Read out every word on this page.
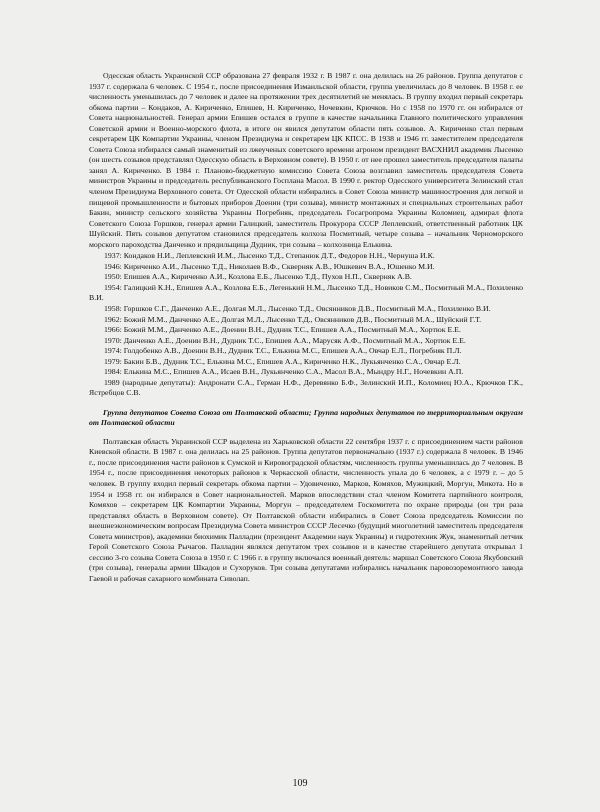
Одесская область Украинской ССР образована 27 февраля 1932 г. В 1987 г. она делилась на 26 районов. Группа депутатов с 1937 г. содержала 6 человек. С 1954 г., после присоединения Измаильской области, группа увеличилась до 8 человек. В 1958 г. ее численность уменьшилась до 7 человек и далее на протяжении трех десятилетий не менялась. В группу входил первый секретарь обкома партии – Кондаков, А. Кириченко, Епишев, Н. Кириченко, Ночевкин, Крючков. Но с 1958 по 1970 гг. он избирался от Совета национальностей. Генерал армии Епишев остался в группе в качестве начальника Главного политического управления Советской армии и Военно-морского флота, в итоге он явился депутатом области пять созывов. А. Кириченко стал первым секретарем ЦК Компартии Украины, членом Президиума и секретарем ЦК КПСС. В 1938 и 1946 гг. заместителем председателя Совета Союза избирался самый знаменитый из лжеученых советского времени агроном президент ВАСХНИЛ академик Лысенко (он шесть созывов представлял Одесскую область в Верховном совете). В 1950 г. от нее прошел заместитель председателя палаты занял А. Кириченко. В 1984 г. Планово-бюджетную комиссию Совета Союза возглавил заместитель председателя Совета министров Украины и председатель республиканского Госплана Масол. В 1990 г. ректор Одесского университета Зелинский стал членом Президиума Верховного совета. От Одесской области избирались в Совет Союза министр машиностроения для легкой и пищевой промышленности и бытовых приборов Доенин (три созыва), министр монтажных и специальных строительных работ Бакин, министр сельского хозяйства Украины Погребняк, председатель Госагропрома Украины Коломиец, адмирал флота Советского Союза Горшков, генерал армии Галицкий, заместитель Прокурора СССР Леплевский, ответственный работник ЦК Шуйский. Пять созывов депутатом становился председатель колхоза Посмитный, четыре созыва – начальник Черноморского морского пароходства Данченко и прядильщица Дудник, три созыва – колхозница Елькина.

1937: Кондаков Н.И., Леплевский И.М., Лысенко Т.Д., Степанюк Д.Т., Федоров Н.Н., Чернуша И.К.

1946: Кириченко А.И., Лысенко Т.Д., Николаев В.Ф., Скверняк А.В., Юшкевич В.А., Юшенко М.И.

1950: Епишев А.А., Кириченко А.И., Козлова Е.Б., Лысенко Т.Д., Пухов Н.П., Скверняк А.В.

1954: Галицкий К.Н., Епишев А.А., Козлова Е.Б., Легенький Н.М., Лысенко Т.Д., Новиков С.М., Посмитный М.А., Похиленко В.И.

1958: Горшков С.Г., Данченко А.Е., Долгая М.Л., Лысенко Т.Д., Овсянников Д.В., Посмитный М.А., Похиленко В.И.

1962: Божий М.М., Данченко А.Е., Долгая М.Л., Лысенко Т.Д., Овсянников Д.В., Посмитный М.А., Шуйский Г.Т.

1966: Божий М.М., Данченко А.Е., Доенин В.Н., Дудник Т.С., Епишев А.А., Посмитный М.А., Хортюк Е.Е.

1970: Данченко А.Е., Доенин В.Н., Дудник Т.С., Епишев А.А., Марусяк А.Ф., Посмитный М.А., Хортюк Е.Е.

1974: Голдобенко А.В., Доенин В.Н., Дудник Т.С., Елькина М.С., Епишев А.А., Овчар Е.Л., Погребняк П.Л.

1979: Бакин Б.В., Дудник Т.С., Елькина М.С., Епишев А.А., Кириченко Н.К., Лукьянченко С.А., Овчар Е.Л.

1984: Елькина М.С., Епишев А.А., Исаев В.Н., Лукьянченко С.А., Масол В.А., Мындру Н.Г., Ночевкин А.П.

1989 (народные депутаты): Андронати С.А., Герман Н.Ф., Деревянко Б.Ф., Зелинский И.П., Коломиец Ю.А., Крючков Г.К., Ястребцов С.В.

Группа депутатов Совета Союза от Полтавской области; Группа народных депутатов по территориальным округам от Полтавской области

Полтавская область Украинской ССР выделена из Харьковской области 22 сентября 1937 г. с присоединением части районов Киевской области. В 1987 г. она делилась на 25 районов. Группа депутатов первоначально (1937 г.) содержала 8 человек. В 1946 г., после присоединения части районов к Сумской и Кировоградской областям, численность группы уменьшилась до 7 человек. В 1954 г., после присоединения некоторых районов к Черкасской области, численность упала до 6 человек, а с 1979 г. – до 5 человек. В группу входил первый секретарь обкома партии – Удовиченко, Марков, Комяхов, Мужицкий, Моргун, Микота. Но в 1954 и 1958 гг. он избирался в Совет национальностей. Марков впоследствии стал членом Комитета партийного контроля, Комяхов – секретарем ЦК Компартии Украины, Моргун – председателем Госкомитета по охране природы (он три раза представлял область в Верховном совете). От Полтавской области избирались в Совет Союза председатель Комиссии по внешнеэкономическим вопросам Президиума Совета министров СССР Лесечко (будущий многолетний заместитель председателя Совета министров), академики биохимик Палладин (президент Академии наук Украины) и гидротехник Жук, знаменитый летчик Герой Советского Союза Рычагов. Палладин являлся депутатом трех созывов и в качестве старейшего депутата открывал 1 сессию 3-го созыва Совета Союза в 1950 г. С 1966 г. в группу включался военный деятель: маршал Советского Союза Якубовский (три созыва), генералы армии Шкадов и Сухоруков. Три созыва депутатами избирались начальник паровозоремонтного завода Гаевой и рабочая сахарного комбината Сиволап.

109
